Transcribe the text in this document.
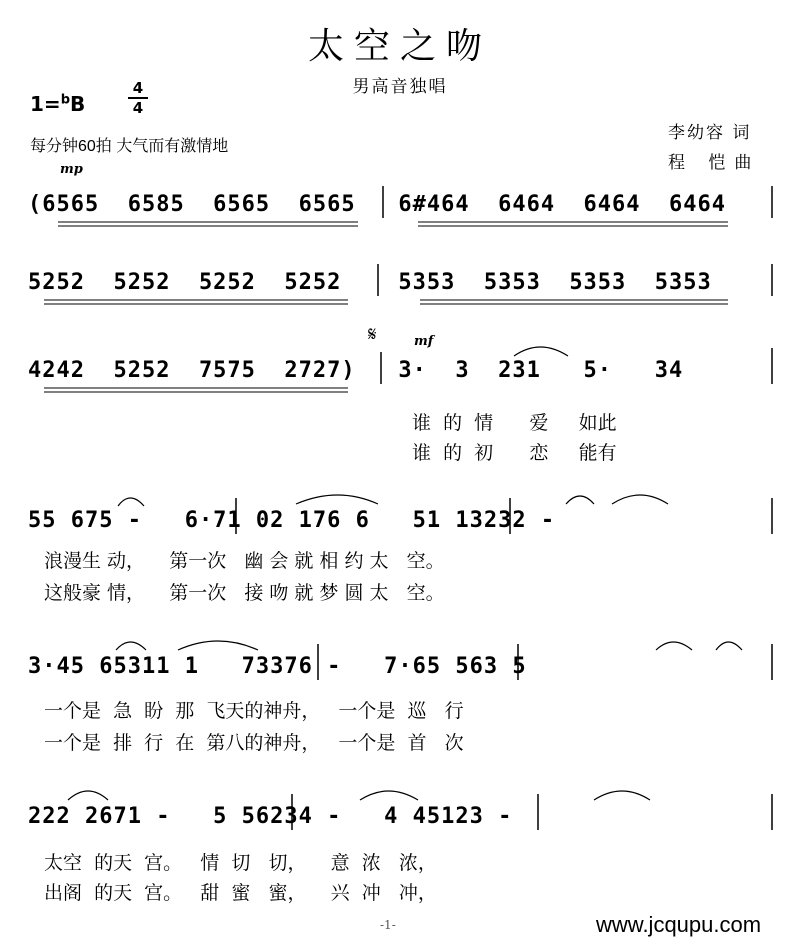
太空之吻
男高音独唱
1=$^b$B
4
4
每分钟60拍 大气而有激情地
李幼容 词
程 恺曲
mp
(6565  6585  6565  6565   6#464  6464  6464  6464
5252  5252  5252  5252    5353  5353  5353  5353
𝄋	mf
4242  5252  7575  2727)   3·  3  231   5·   34
谁  的  情      爱     如此
谁  的  初      恋     能有
55 675 -   6·71 02 176 6   51 13232 -
浪漫生 动，    第一次   幽 会 就 相 约 太   空。
这般豪 情，    第一次   接 吻 就 梦 圆 太   空。
3·45 65311 1   73376 -   7·65 563 5
一个是  急  盼  那  飞天的神舟，   一个是  巡   行
一个是  排  行  在  第八的神舟，   一个是  首   次
222 2671 -   5 56234 -   4 45123 -
太空  的天  宫。   情  切   切，    意  浓   浓，
出阁  的天  宫。   甜  蜜   蜜，    兴  冲   冲，
-1-	www.jcqupu.com
